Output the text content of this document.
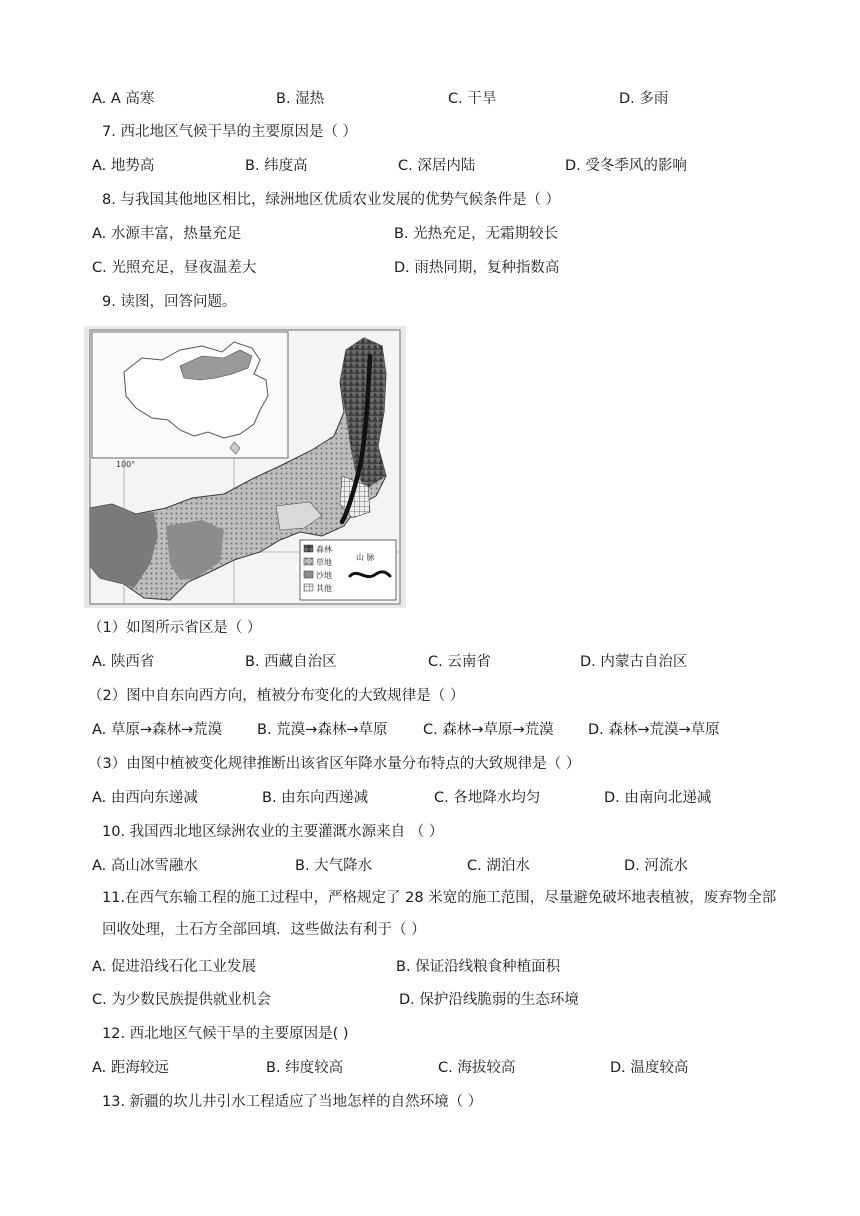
A. A 高寒	B. 湿热	C. 干旱	D. 多雨
7. 西北地区气候干旱的主要原因是（ ）
A. 地势高	B. 纬度高	C. 深居内陆	D. 受冬季风的影响
8. 与我国其他地区相比，绿洲地区优质农业发展的优势气候条件是（ ）
A. 水源丰富，热量充足	B. 光热充足，无霜期较长
C. 光照充足，昼夜温差大	D. 雨热同期，复种指数高
9. 读图，回答问题。
100°
森林
草地
沙地
其他
山 脉
（1）如图所示省区是（ ）
A. 陕西省	B. 西藏自治区	C. 云南省	D. 内蒙古自治区
（2）图中自东向西方向，植被分布变化的大致规律是（ ）
A. 草原→森林→荒漠 B. 荒漠→森林→草原 C. 森林→草原→荒漠 D. 森林→荒漠→草原
（3）由图中植被变化规律推断出该省区年降水量分布特点的大致规律是（ ）
A. 由西向东递减	B. 由东向西递减	C. 各地降水均匀	D. 由南向北递减
10. 我国西北地区绿洲农业的主要灌溉水源来自 （ ）
A. 高山冰雪融水	B. 大气降水	C. 湖泊水	D. 河流水
11.在西气东输工程的施工过程中，严格规定了 28 米宽的施工范围，尽量避免破坏地表植被，废弃物全部回收处理，土石方全部回填．这些做法有利于（ ）
A. 促进沿线石化工业发展	B. 保证沿线粮食种植面积
C. 为少数民族提供就业机会	D. 保护沿线脆弱的生态环境
12. 西北地区气候干旱的主要原因是( )
A. 距海较远	B. 纬度较高	C. 海拔较高	D. 温度较高
13. 新疆的坎儿井引水工程适应了当地怎样的自然环境（ ）
